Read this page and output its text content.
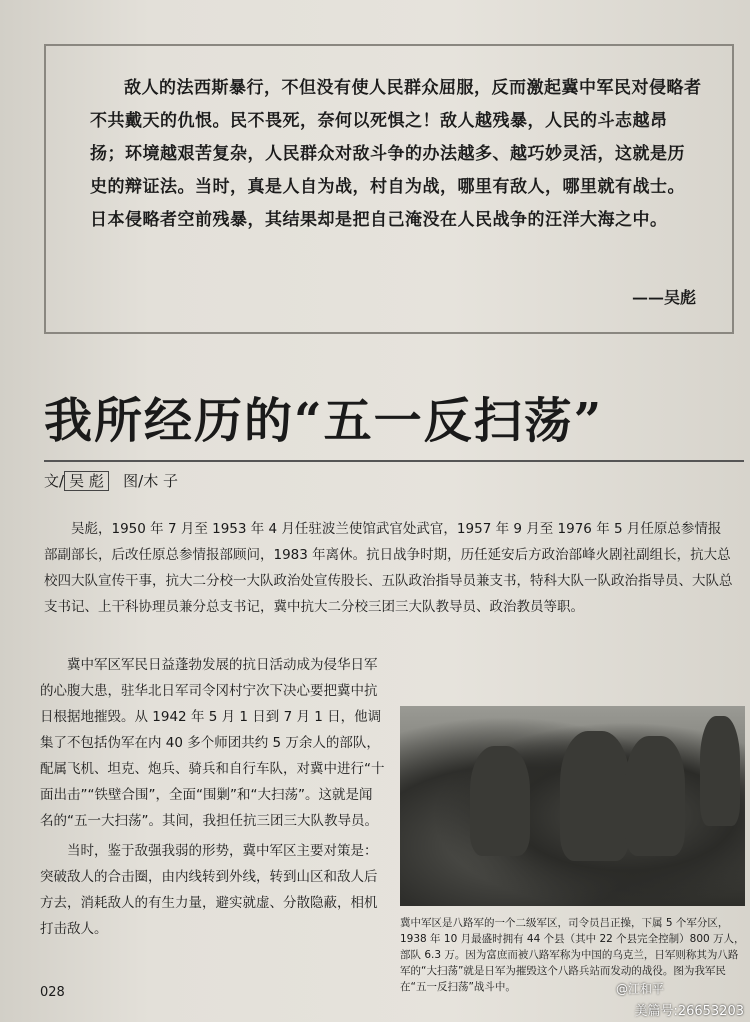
敌人的法西斯暴行，不但没有使人民群众屈服，反而激起冀中军民对侵略者不共戴天的仇恨。民不畏死，奈何以死惧之！敌人越残暴，人民的斗志越昂扬；环境越艰苦复杂，人民群众对敌斗争的办法越多、越巧妙灵活，这就是历史的辩证法。当时，真是人自为战，村自为战，哪里有敌人，哪里就有战士。日本侵略者空前残暴，其结果却是把自己淹没在人民战争的汪洋大海之中。
——吴彪
我所经历的“五一反扫荡”
文/ 吴 彪 图/木 子
吴彪，1950 年 7 月至 1953 年 4 月任驻波兰使馆武官处武官，1957 年 9 月至 1976 年 5 月任原总参情报部副部长，后改任原总参情报部顾问，1983 年离休。抗日战争时期，历任延安后方政治部峰火剧社副组长，抗大总校四大队宣传干事，抗大二分校一大队政治处宣传股长、五队政治指导员兼支书，特科大队一队政治指导员、大队总支书记、上干科协理员兼分总支书记，冀中抗大二分校三团三大队教导员、政治教员等职。

冀中军区军民日益蓬勃发展的抗日活动成为侵华日军的心腹大患，驻华北日军司令冈村宁次下决心要把冀中抗日根据地摧毁。从 1942 年 5 月 1 日到 7 月 1 日，他调集了不包括伪军在内 40 多个师团共约 5 万余人的部队，配属飞机、坦克、炮兵、骑兵和自行车队，对冀中进行“十面出击”“铁壁合围”，全面“围剿”和“大扫荡”。这就是闻名的“五一大扫荡”。其间，我担任抗三团三大队教导员。

当时，鉴于敌强我弱的形势，冀中军区主要对策是：突破敌人的合击圈，由内线转到外线，转到山区和敌人后方去，消耗敌人的有生力量，避实就虚、分散隐蔽，相机打击敌人。	冀中军区是八路军的一个二级军区，司令员吕正操，下属 5 个军分区，1938 年 10 月最盛时拥有 44 个县（其中 22 个县完全控制）800 万人，部队 6.3 万。因为富庶而被八路军称为中国的乌克兰，日军则称其为八路军的“大扫荡”就是日军为摧毁这个八路兵站而发动的战役。图为我军民在“五一反扫荡”战斗中。
028	@江和平
美篇号:26653203
